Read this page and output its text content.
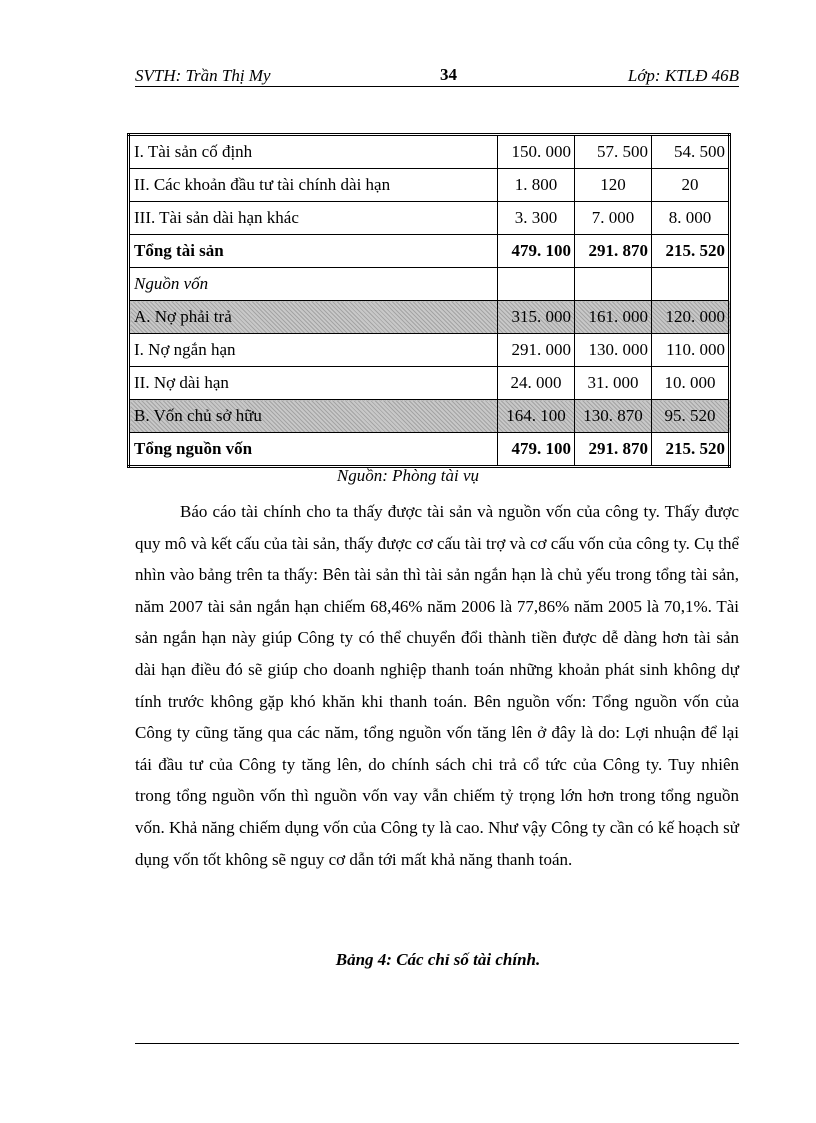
SVTH: Trần Thị My	34	Lớp: KTLĐ 46B
I. Tài sản cố định	150. 000	57. 500	54. 500
II. Các khoản đầu tư tài chính dài hạn	1. 800	120	20
III. Tài sản dài hạn khác	3. 300	7. 000	8. 000
Tổng tài sản	479. 100	291. 870	215. 520
Nguồn vốn			
A. Nợ phải trả	315. 000	161. 000	120. 000
I. Nợ ngắn hạn	291. 000	130. 000	110. 000
II. Nợ dài hạn	24. 000	31. 000	10. 000
B. Vốn chủ sở hữu	164. 100	130. 870	95. 520
Tổng nguồn vốn	479. 100	291. 870	215. 520
Nguồn: Phòng tài vụ
Báo cáo tài chính cho ta thấy được tài sản và nguồn vốn của công ty. Thấy được quy mô và kết cấu của tài sản, thấy được cơ cấu tài trợ và cơ cấu vốn của công ty. Cụ thể nhìn vào bảng trên ta thấy: Bên tài sản thì tài sản ngắn hạn là chủ yếu trong tổng tài sản, năm 2007 tài sản ngắn hạn chiếm 68,46% năm 2006 là 77,86% năm 2005 là 70,1%. Tài sản ngắn hạn này giúp Công ty có thể chuyển đổi thành tiền được dễ dàng hơn tài sản dài hạn điều đó sẽ giúp cho doanh nghiệp thanh toán những khoản phát sinh không dự tính trước không gặp khó khăn khi thanh toán. Bên nguồn vốn: Tổng nguồn vốn của Công ty cũng tăng qua các năm, tổng nguồn vốn tăng lên ở đây là do: Lợi nhuận để lại tái đầu tư của Công ty tăng lên, do chính sách chi trả cổ tức của Công ty. Tuy nhiên trong tổng nguồn vốn thì nguồn vốn vay vẫn chiếm tỷ trọng lớn hơn trong tổng nguồn vốn. Khả năng chiếm dụng vốn của Công ty là cao. Như vậy Công ty cần có kế hoạch sử dụng vốn tốt không sẽ nguy cơ dẫn tới mất khả năng thanh toán.
Bảng 4: Các chỉ số tài chính.
